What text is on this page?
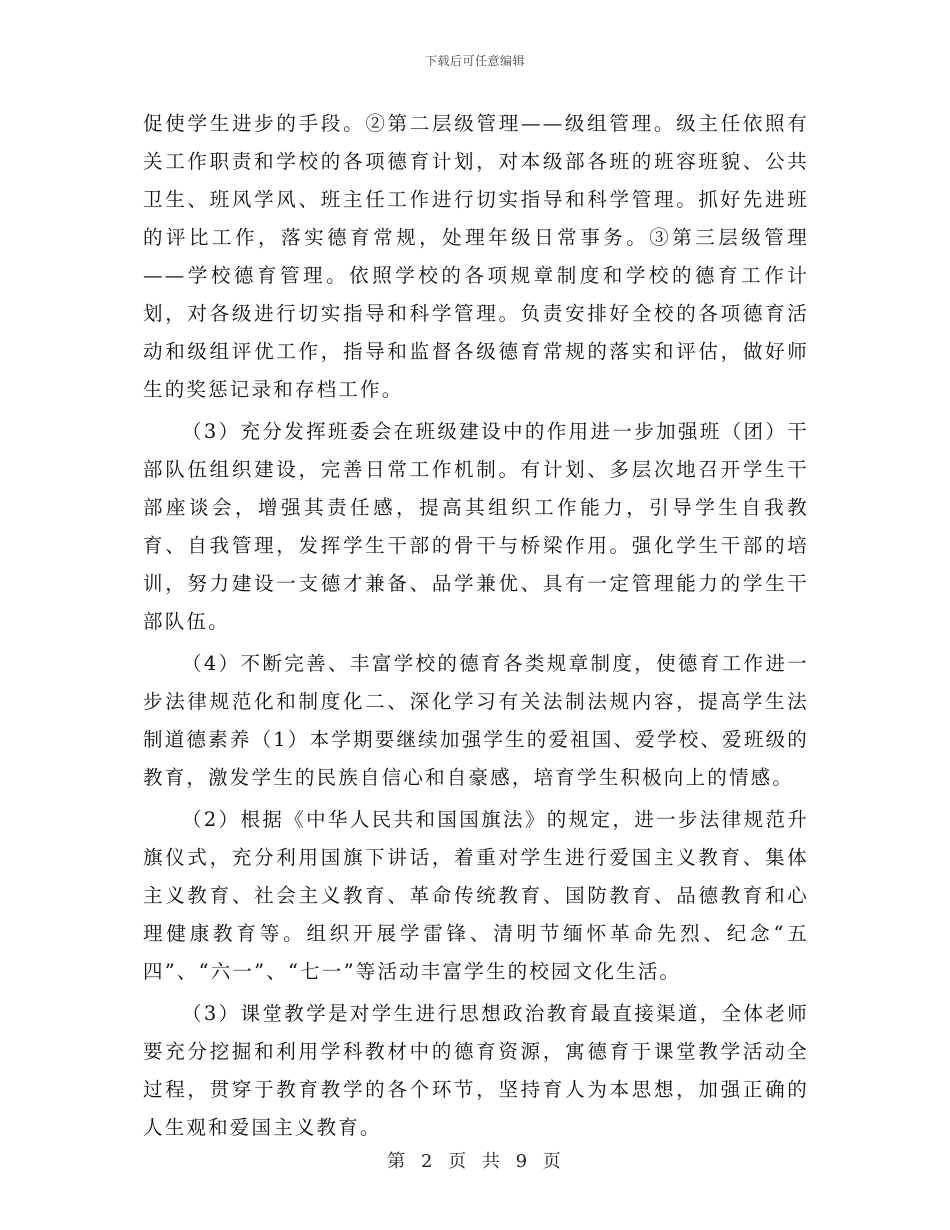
下载后可任意编辑

促使学生进步的手段。②第二层级管理——级组管理。级主任依照有关工作职责和学校的各项德育计划，对本级部各班的班容班貌、公共卫生、班风学风、班主任工作进行切实指导和科学管理。抓好先进班的评比工作，落实德育常规，处理年级日常事务。③第三层级管理——学校德育管理。依照学校的各项规章制度和学校的德育工作计划，对各级进行切实指导和科学管理。负责安排好全校的各项德育活动和级组评优工作，指导和监督各级德育常规的落实和评估，做好师生的奖惩记录和存档工作。

（3）充分发挥班委会在班级建设中的作用进一步加强班（团）干部队伍组织建设，完善日常工作机制。有计划、多层次地召开学生干部座谈会，增强其责任感，提高其组织工作能力，引导学生自我教育、自我管理，发挥学生干部的骨干与桥梁作用。强化学生干部的培训，努力建设一支德才兼备、品学兼优、具有一定管理能力的学生干部队伍。

（4）不断完善、丰富学校的德育各类规章制度，使德育工作进一步法律规范化和制度化二、深化学习有关法制法规内容，提高学生法制道德素养（1）本学期要继续加强学生的爱祖国、爱学校、爱班级的教育，激发学生的民族自信心和自豪感，培育学生积极向上的情感。

（2）根据《中华人民共和国国旗法》的规定，进一步法律规范升旗仪式，充分利用国旗下讲话，着重对学生进行爱国主义教育、集体主义教育、社会主义教育、革命传统教育、国防教育、品德教育和心理健康教育等。组织开展学雷锋、清明节缅怀革命先烈、纪念“五四”、“六一”、“七一”等活动丰富学生的校园文化生活。

（3）课堂教学是对学生进行思想政治教育最直接渠道，全体老师要充分挖掘和利用学科教材中的德育资源，寓德育于课堂教学活动全过程，贯穿于教育教学的各个环节，坚持育人为本思想，加强正确的人生观和爱国主义教育。

第 2 页 共 9 页
